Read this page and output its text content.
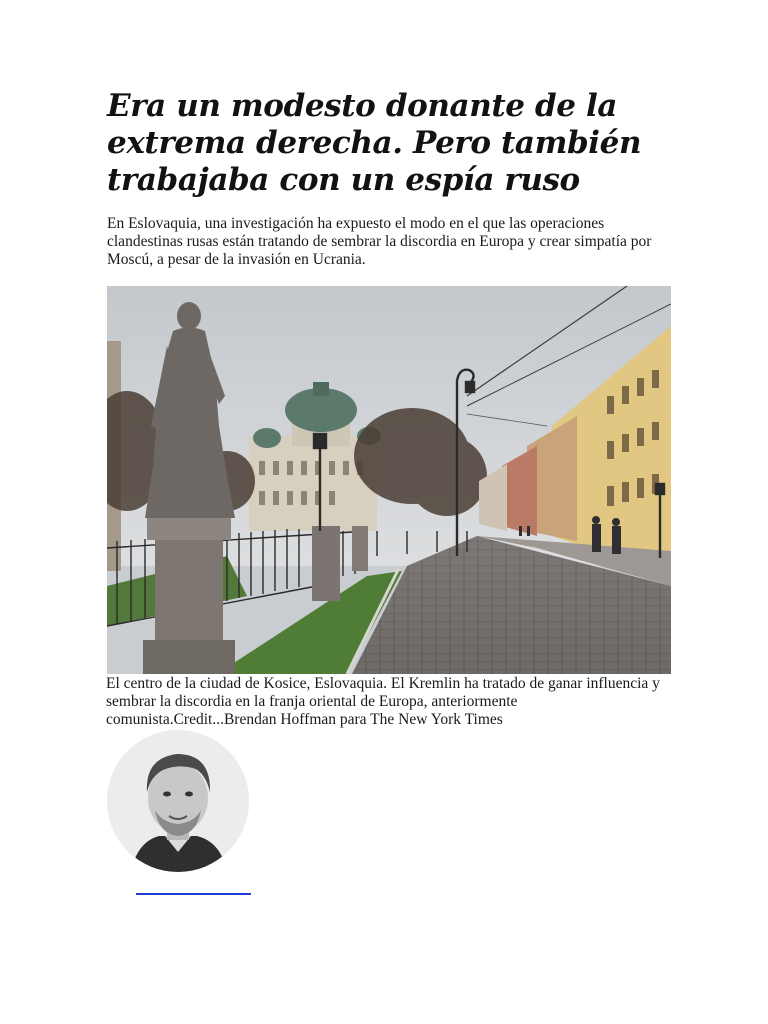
Era un modesto donante de la extrema derecha. Pero también trabajaba con un espía ruso

En Eslovaquia, una investigación ha expuesto el modo en el que las operaciones clandestinas rusas están tratando de sembrar la discordia en Europa y crear simpatía por Moscú, a pesar de la invasión en Ucrania.

El centro de la ciudad de Kosice, Eslovaquia. El Kremlin ha tratado de ganar influencia y sembrar la discordia en la franja oriental de Europa, anteriormente comunista.Credit...Brendan Hoffman para The New York Times
